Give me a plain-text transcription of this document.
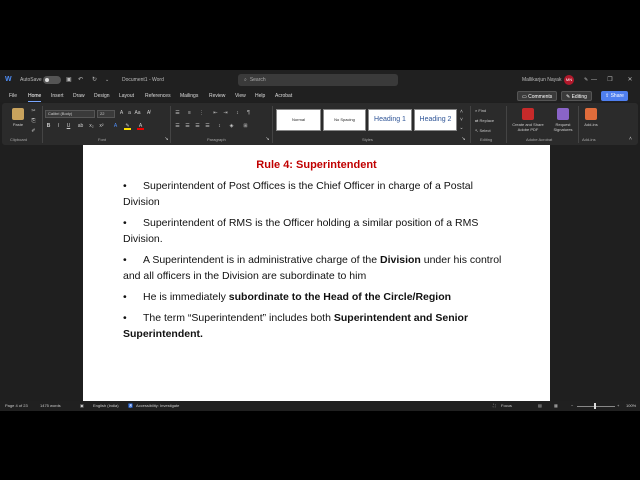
W AutoSave	▣ ↶ ↻ ⌄	Document1 - Word	⌕ Search	Mallikarjun Nayak	MN	✎ —	❐	✕
File Home Insert Draw Design Layout References Mailings Review View Help Acrobat	▭ Comments	✎ Editing	⇪ Share
Paste
✂
⎘
✐
Clipboard
Calibri (Body)	22	A a Aa	A̸
B	I	U	ab x₂ x²	A	✎	A
Font	↘
☰	≡	⋮ ⇤ ⇥	↕	¶
☰ ☰ ☰ ☰	↕	◈	⊞
Paragraph	↘
Normal	No Spacing	Heading 1	Heading 2
˄
˅
⌄
Styles	↘
⌕ Find
⇄ Replace
↖ Select
Editing
Create and Share Adobe PDF
Request Signatures
Adobe Acrobat
Add-ins
Add-ins	˄
Rule 4: Superintendent

• Superintendent of Post Offices is the Chief Officer in charge of a Postal Division

• Superintendent of RMS is the Officer holding a similar position of a RMS Division.

• A Superintendent is in administrative charge of the Division under his control and all officers in the Division are subordinate to him

• He is immediately subordinate to the Head of the Circle/Region

• The term “Superintendent” includes both Superintendent and Senior Superintendent.

Page 4 of 23	1475 words	▣ English (India) ♿ Accessibility: Investigate	⛶ Focus	▤	▦	−	+ 100%
